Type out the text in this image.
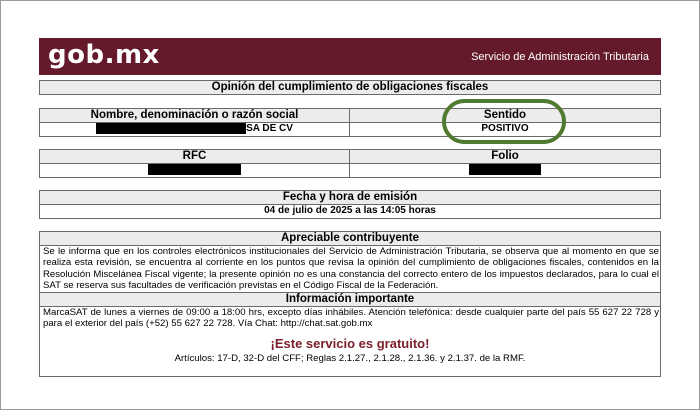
gob.mx	Servicio de Administración Tributaria
Opinión del cumplimiento de obligaciones fiscales
Nombre, denominación o razón social
SA DE CV
Sentido
POSITIVO
RFC	Folio
Fecha y hora de emisión
04 de julio de 2025 a las 14:05 horas
Apreciable contribuyente
Se le informa que en los controles electrónicos institucionales del Servicio de Administración Tributaria, se observa que al momento en que se realiza esta revisión, se encuentra al corriente en los puntos que revisa la opinión del cumplimiento de obligaciones fiscales, contenidos en la Resolución Miscelánea Fiscal vigente; la presente opinión no es una constancia del correcto entero de los impuestos declarados, para lo cual el SAT se reserva sus facultades de verificación previstas en el Código Fiscal de la Federación.
Información importante
MarcaSAT de lunes a viernes de 09:00 a 18:00 hrs, excepto días inhábiles. Atención telefónica: desde cualquier parte del país 55 627 22 728 y para el exterior del país (+52) 55 627 22 728. Vía Chat: http://chat.sat.gob.mx
¡Este servicio es gratuito!
Artículos: 17-D, 32-D del CFF; Reglas 2.1.27., 2.1.28., 2.1.36. y 2.1.37. de la RMF.
